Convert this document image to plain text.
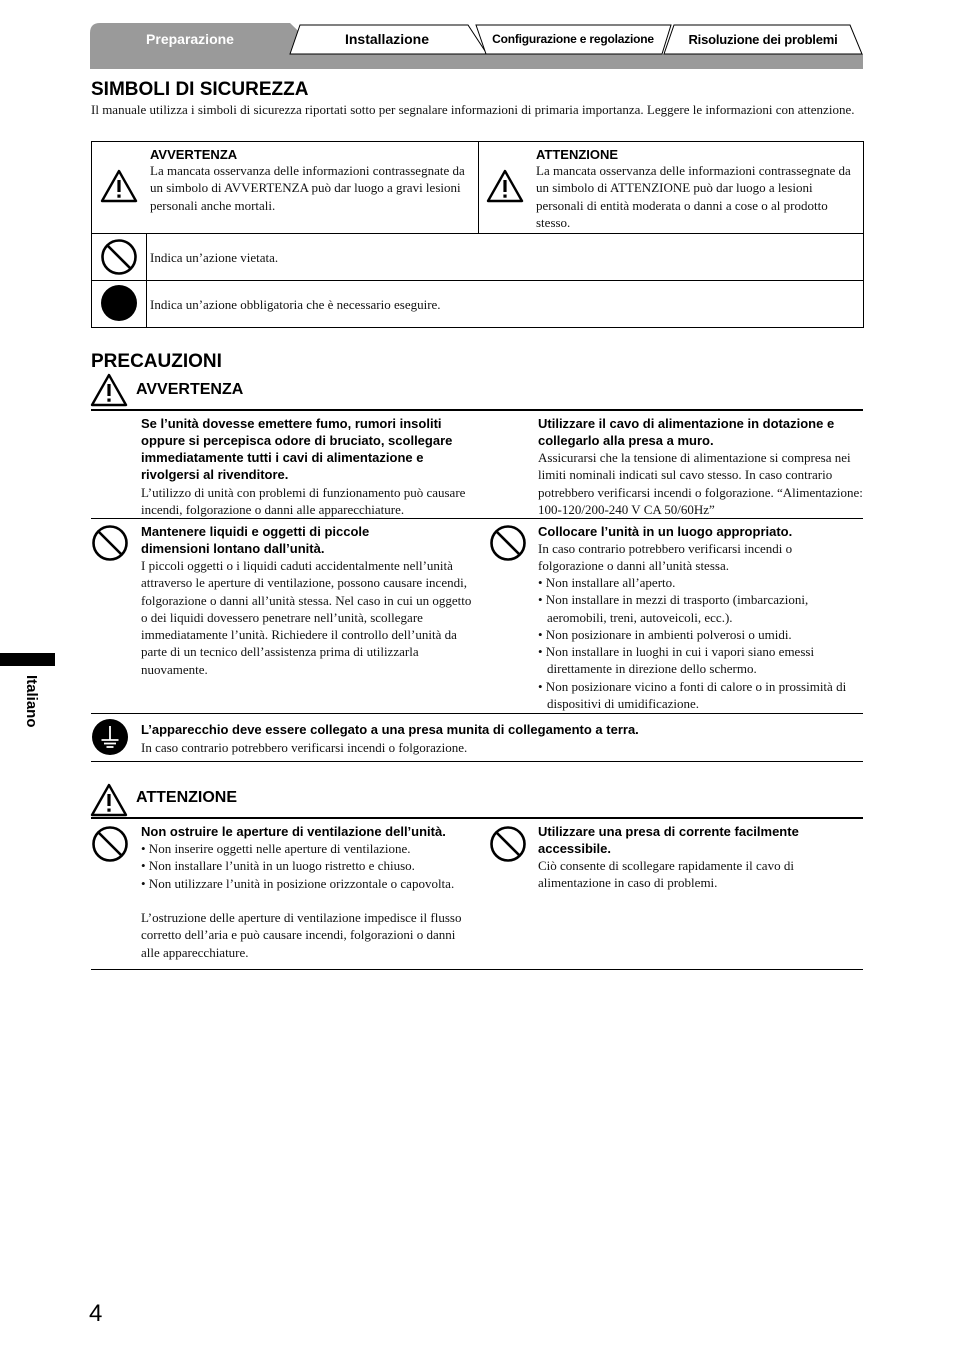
Preparazione	Installazione	Configurazione e regolazione	Risoluzione dei problemi
Italiano
SIMBOLI DI SICUREZZA
Il manuale utilizza i simboli di sicurezza riportati sotto per segnalare informazioni di primaria importanza. Leggere le informazioni con attenzione.
AVVERTENZA
La mancata osservanza delle informazioni contrassegnate da un simbolo di AVVERTENZA può dar luogo a gravi lesioni personali anche mortali.
ATTENZIONE
La mancata osservanza delle informazioni contrassegnate da un simbolo di ATTENZIONE può dar luogo a lesioni personali di entità moderata o danni a cose o al prodotto stesso.
Indica un’azione vietata.
Indica un’azione obbligatoria che è necessario eseguire.
PRECAUZIONI
AVVERTENZA
Se l’unità dovesse emettere fumo, rumori insoliti oppure si percepisca odore di bruciato, scollegare immediatamente tutti i cavi di alimentazione e rivolgersi al rivenditore.
L’utilizzo di unità con problemi di funzionamento può causare incendi, folgorazione o danni alle apparecchiature.
Utilizzare il cavo di alimentazione in dotazione e collegarlo alla presa a muro.
Assicurarsi che la tensione di alimentazione si compresa nei limiti nominali indicati sul cavo stesso. In caso contrario potrebbero verificarsi incendi o folgorazione. “Alimentazione: 100-120/200-240 V CA 50/60Hz”
Mantenere liquidi e oggetti di piccole dimensioni lontano dall’unità.
I piccoli oggetti o i liquidi caduti accidentalmente nell’unità attraverso le aperture di ventilazione, possono causare incendi, folgorazione o danni all’unità stessa. Nel caso in cui un oggetto o dei liquidi dovessero penetrare nell’unità, scollegare immediatamente l’unità. Richiedere il controllo dell’unità da parte di un tecnico dell’assistenza prima di utilizzarla nuovamente.
Collocare l’unità in un luogo appropriato.
In caso contrario potrebbero verificarsi incendi o folgorazione o danni all’unità stessa.
• Non installare all’aperto.
• Non installare in mezzi di trasporto (imbarcazioni, aeromobili, treni, autoveicoli, ecc.).
• Non posizionare in ambienti polverosi o umidi.
• Non installare in luoghi in cui i vapori siano emessi direttamente in direzione dello schermo.
• Non posizionare vicino a fonti di calore o in prossimità di dispositivi di umidificazione.
L’apparecchio deve essere collegato a una presa munita di collegamento a terra.
In caso contrario potrebbero verificarsi incendi o folgorazione.
ATTENZIONE
Non ostruire le aperture di ventilazione dell’unità.
• Non inserire oggetti nelle aperture di ventilazione.
• Non installare l’unità in un luogo ristretto e chiuso.
• Non utilizzare l’unità in posizione orizzontale o capovolta.
L’ostruzione delle aperture di ventilazione impedisce il flusso corretto dell’aria e può causare incendi, folgorazioni o danni alle apparecchiature.
Utilizzare una presa di corrente facilmente accessibile.
Ciò consente di scollegare rapidamente il cavo di alimentazione in caso di problemi.
4
